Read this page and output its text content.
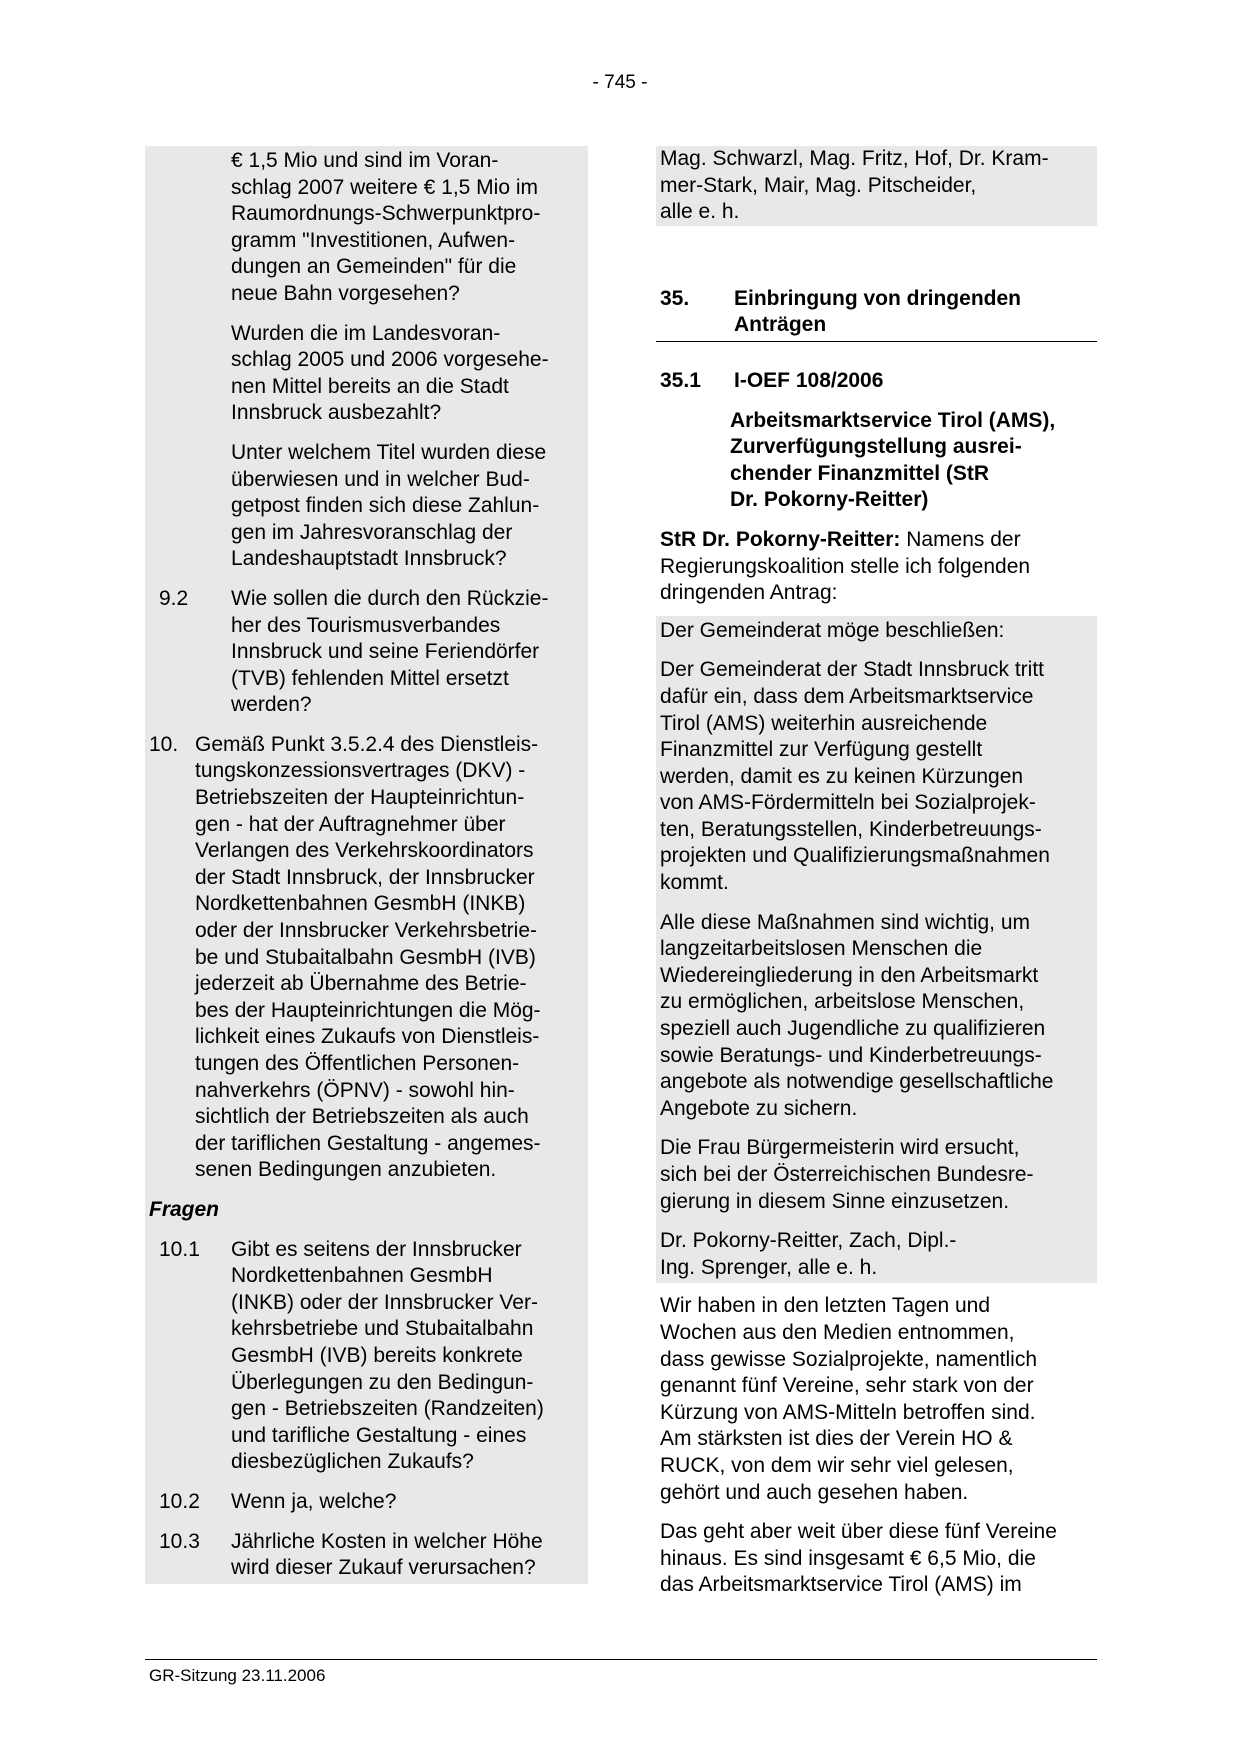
- 745 -
€ 1,5 Mio und sind im Voran-
schlag 2007 weitere € 1,5 Mio im
Raumordnungs-Schwerpunktpro-
gramm "Investitionen, Aufwen-
dungen an Gemeinden" für die
neue Bahn vorgesehen?
Wurden die im Landesvoran-
schlag 2005 und 2006 vorgesehe-
nen Mittel bereits an die Stadt
Innsbruck ausbezahlt?
Unter welchem Titel wurden diese
überwiesen und in welcher Bud-
getpost finden sich diese Zahlun-
gen im Jahresvoranschlag der
Landeshauptstadt Innsbruck?
9.2	Wie sollen die durch den Rückzie-
her des Tourismusverbandes
Innsbruck und seine Feriendörfer
(TVB) fehlenden Mittel ersetzt
werden?
10. Gemäß Punkt 3.5.2.4 des Dienstleis-
tungskonzessionsvertrages (DKV) -
Betriebszeiten der Haupteinrichtun-
gen - hat der Auftragnehmer über
Verlangen des Verkehrskoordinators
der Stadt Innsbruck, der Innsbrucker
Nordkettenbahnen GesmbH (INKB)
oder der Innsbrucker Verkehrsbetrie-
be und Stubaitalbahn GesmbH (IVB)
jederzeit ab Übernahme des Betrie-
bes der Haupteinrichtungen die Mög-
lichkeit eines Zukaufs von Dienstleis-
tungen des Öffentlichen Personen-
nahverkehrs (ÖPNV) - sowohl hin-
sichtlich der Betriebszeiten als auch
der tariflichen Gestaltung - angemes-
senen Bedingungen anzubieten.
Fragen
10.1	Gibt es seitens der Innsbrucker
Nordkettenbahnen GesmbH
(INKB) oder der Innsbrucker Ver-
kehrsbetriebe und Stubaitalbahn
GesmbH (IVB) bereits konkrete
Überlegungen zu den Bedingun-
gen - Betriebszeiten (Randzeiten)
und tarifliche Gestaltung - eines
diesbezüglichen Zukaufs?
10.2	Wenn ja, welche?
10.3	Jährliche Kosten in welcher Höhe
wird dieser Zukauf verursachen?
Mag. Schwarzl, Mag. Fritz, Hof, Dr. Kram-
mer-Stark, Mair, Mag. Pitscheider,
alle e. h.
35.	Einbringung von dringenden
Anträgen
35.1	I-OEF 108/2006
Arbeitsmarktservice Tirol (AMS),
Zurverfügungstellung ausrei-
chender Finanzmittel (StR
Dr. Pokorny-Reitter)
StR Dr. Pokorny-Reitter: Namens der
Regierungskoalition stelle ich folgenden
dringenden Antrag:
Der Gemeinderat möge beschließen:
Der Gemeinderat der Stadt Innsbruck tritt
dafür ein, dass dem Arbeitsmarktservice
Tirol (AMS) weiterhin ausreichende
Finanzmittel zur Verfügung gestellt
werden, damit es zu keinen Kürzungen
von AMS-Fördermitteln bei Sozialprojek-
ten, Beratungsstellen, Kinderbetreuungs-
projekten und Qualifizierungsmaßnahmen
kommt.
Alle diese Maßnahmen sind wichtig, um
langzeitarbeitslosen Menschen die
Wiedereingliederung in den Arbeitsmarkt
zu ermöglichen, arbeitslose Menschen,
speziell auch Jugendliche zu qualifizieren
sowie Beratungs- und Kinderbetreuungs-
angebote als notwendige gesellschaftliche
Angebote zu sichern.
Die Frau Bürgermeisterin wird ersucht,
sich bei der Österreichischen Bundesre-
gierung in diesem Sinne einzusetzen.
Dr. Pokorny-Reitter, Zach, Dipl.-
Ing. Sprenger, alle e. h.
Wir haben in den letzten Tagen und
Wochen aus den Medien entnommen,
dass gewisse Sozialprojekte, namentlich
genannt fünf Vereine, sehr stark von der
Kürzung von AMS-Mitteln betroffen sind.
Am stärksten ist dies der Verein HO &
RUCK, von dem wir sehr viel gelesen,
gehört und auch gesehen haben.
Das geht aber weit über diese fünf Vereine
hinaus. Es sind insgesamt € 6,5 Mio, die
das Arbeitsmarktservice Tirol (AMS) im
GR-Sitzung 23.11.2006
